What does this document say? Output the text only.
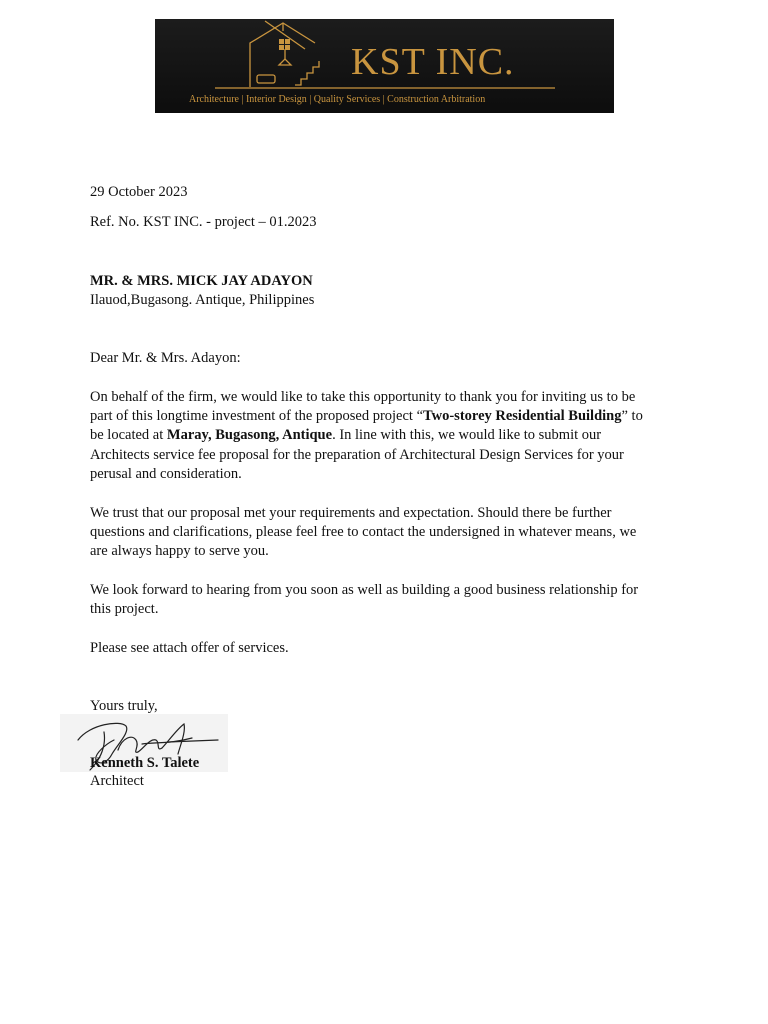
KST INC.
Architecture | Interior Design | Quality Services | Construction Arbitration
29 October 2023
Ref. No. KST INC. - project – 01.2023
MR. & MRS. MICK JAY ADAYON
Ilauod,Bugasong. Antique, Philippines
Dear Mr. & Mrs. Adayon:
On behalf of the firm, we would like to take this opportunity to thank you for inviting us to be
part of this longtime investment of the proposed project “Two-storey Residential Building” to
be located at Maray, Bugasong, Antique. In line with this, we would like to submit our
Architects service fee proposal for the preparation of Architectural Design Services for your
perusal and consideration.
We trust that our proposal met your requirements and expectation. Should there be further
questions and clarifications, please feel free to contact the undersigned in whatever means, we
are always happy to serve you.
We look forward to hearing from you soon as well as building a good business relationship for
this project.
Please see attach offer of services.
Yours truly,
Kenneth S. Talete
Architect
